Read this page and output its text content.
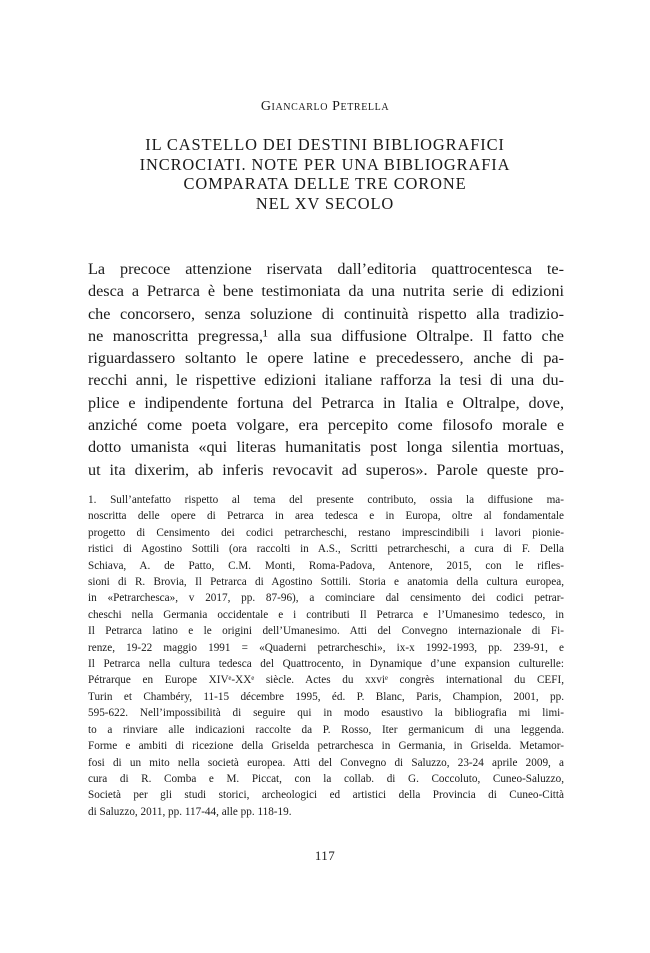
Giancarlo Petrella
IL CASTELLO DEI DESTINI BIBLIOGRAFICI
INCROCIATI. NOTE PER UNA BIBLIOGRAFIA
COMPARATA DELLE TRE CORONE
NEL XV SECOLO
La precoce attenzione riservata dall’editoria quattrocentesca te-
desca a Petrarca è bene testimoniata da una nutrita serie di edizioni
che concorsero, senza soluzione di continuità rispetto alla tradizio-
ne manoscritta pregressa,¹ alla sua diffusione Oltralpe. Il fatto che
riguardassero soltanto le opere latine e precedessero, anche di pa-
recchi anni, le rispettive edizioni italiane rafforza la tesi di una du-
plice e indipendente fortuna del Petrarca in Italia e Oltralpe, dove,
anziché come poeta volgare, era percepito come filosofo morale e
dotto umanista «qui literas humanitatis post longa silentia mortuas,
ut ita dixerim, ab inferis revocavit ad superos». Parole queste pro-
1. Sull’antefatto rispetto al tema del presente contributo, ossia la diffusione ma-
noscritta delle opere di Petrarca in area tedesca e in Europa, oltre al fondamentale
progetto di Censimento dei codici petrarcheschi, restano imprescindibili i lavori pionie-
ristici di Agostino Sottili (ora raccolti in A.S., Scritti petrarcheschi, a cura di F. Della
Schiava, A. de Patto, C.M. Monti, Roma-Padova, Antenore, 2015, con le rifles-
sioni di R. Brovia, Il Petrarca di Agostino Sottili. Storia e anatomia della cultura europea,
in «Petrarchesca», v 2017, pp. 87-96), a cominciare dal censimento dei codici petrar-
cheschi nella Germania occidentale e i contributi Il Petrarca e l’Umanesimo tedesco, in
Il Petrarca latino e le origini dell’Umanesimo. Atti del Convegno internazionale di Fi-
renze, 19-22 maggio 1991 = «Quaderni petrarcheschi», ix-x 1992-1993, pp. 239-91, e
Il Petrarca nella cultura tedesca del Quattrocento, in Dynamique d’une expansion culturelle:
Pétrarque en Europe XIVᵉ-XXᵉ siècle. Actes du xxviᵉ congrès international du CEFI,
Turin et Chambéry, 11-15 décembre 1995, éd. P. Blanc, Paris, Champion, 2001, pp.
595-622. Nell’impossibilità di seguire qui in modo esaustivo la bibliografia mi limi-
to a rinviare alle indicazioni raccolte da P. Rosso, Iter germanicum di una leggenda.
Forme e ambiti di ricezione della Griselda petrarchesca in Germania, in Griselda. Metamor-
fosi di un mito nella società europea. Atti del Convegno di Saluzzo, 23-24 aprile 2009, a
cura di R. Comba e M. Piccat, con la collab. di G. Coccoluto, Cuneo-Saluzzo,
Società per gli studi storici, archeologici ed artistici della Provincia di Cuneo-Città
di Saluzzo, 2011, pp. 117-44, alle pp. 118-19.
117
